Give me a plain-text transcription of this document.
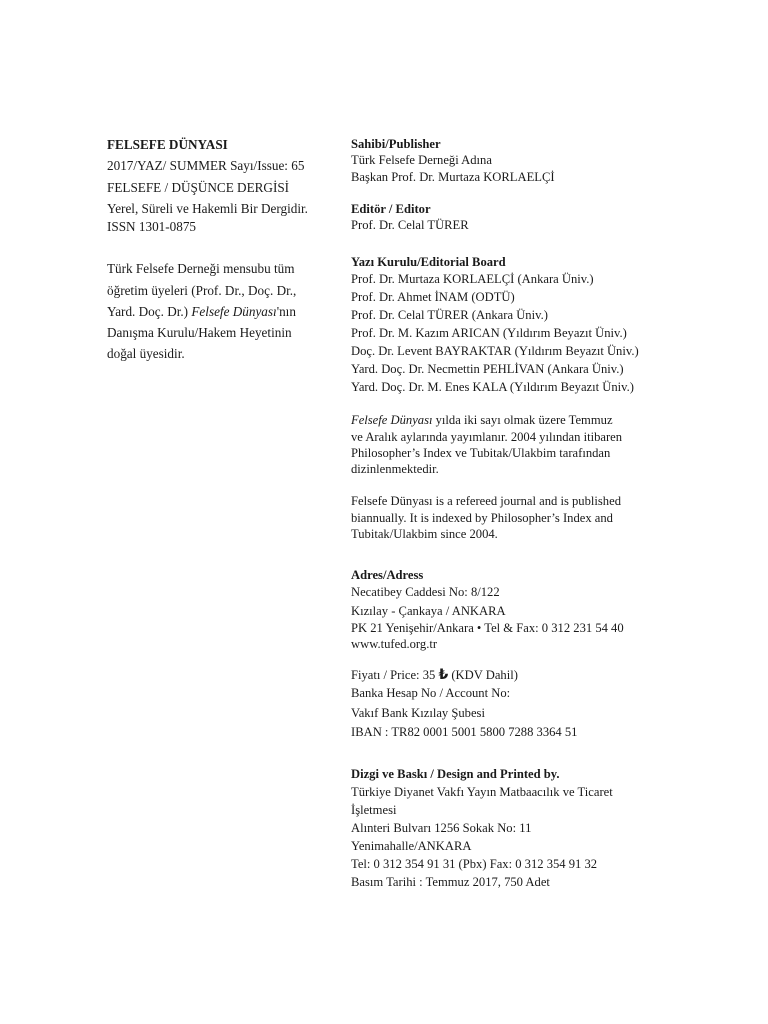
FELSEFE DÜNYASI
2017/YAZ/ SUMMER Sayı/Issue: 65
FELSEFE / DÜŞÜNCE DERGİSİ
Yerel, Süreli ve Hakemli Bir Dergidir.
ISSN 1301-0875
Türk Felsefe Derneği mensubu tüm
öğretim üyeleri (Prof. Dr., Doç. Dr.,
Yard. Doç. Dr.) Felsefe Dünyası'nın
Danışma Kurulu/Hakem Heyetinin
doğal üyesidir.
Sahibi/Publisher
Türk Felsefe Derneği Adına
Başkan Prof. Dr. Murtaza KORLAELÇİ
Editör / Editor
Prof. Dr. Celal TÜRER
Yazı Kurulu/Editorial Board
Prof. Dr. Murtaza KORLAELÇİ (Ankara Üniv.)
Prof. Dr. Ahmet İNAM (ODTÜ)
Prof. Dr. Celal TÜRER (Ankara Üniv.)
Prof. Dr. M. Kazım ARICAN (Yıldırım Beyazıt Üniv.)
Doç. Dr. Levent BAYRAKTAR (Yıldırım Beyazıt Üniv.)
Yard. Doç. Dr. Necmettin PEHLİVAN (Ankara Üniv.)
Yard. Doç. Dr. M. Enes KALA (Yıldırım Beyazıt Üniv.)
Felsefe Dünyası yılda iki sayı olmak üzere Temmuz
ve Aralık aylarında yayımlanır. 2004 yılından itibaren
Philosopher’s Index ve Tubitak/Ulakbim tarafından
dizinlenmektedir.
Felsefe Dünyası is a refereed journal and is published
biannually. It is indexed by Philosopher’s Index and
Tubitak/Ulakbim since 2004.
Adres/Adress
Necatibey Caddesi No: 8/122
Kızılay - Çankaya / ANKARA
PK 21 Yenişehir/Ankara • Tel & Fax: 0 312 231 54 40
www.tufed.org.tr
Fiyatı / Price: 35 ₺ (KDV Dahil)
Banka Hesap No / Account No:
Vakıf Bank Kızılay Şubesi
IBAN : TR82 0001 5001 5800 7288 3364 51
Dizgi ve Baskı / Design and Printed by.
Türkiye Diyanet Vakfı Yayın Matbaacılık ve Ticaret
İşletmesi
Alınteri Bulvarı 1256 Sokak No: 11
Yenimahalle/ANKARA
Tel: 0 312 354 91 31 (Pbx) Fax: 0 312 354 91 32
Basım Tarihi : Temmuz 2017, 750 Adet
